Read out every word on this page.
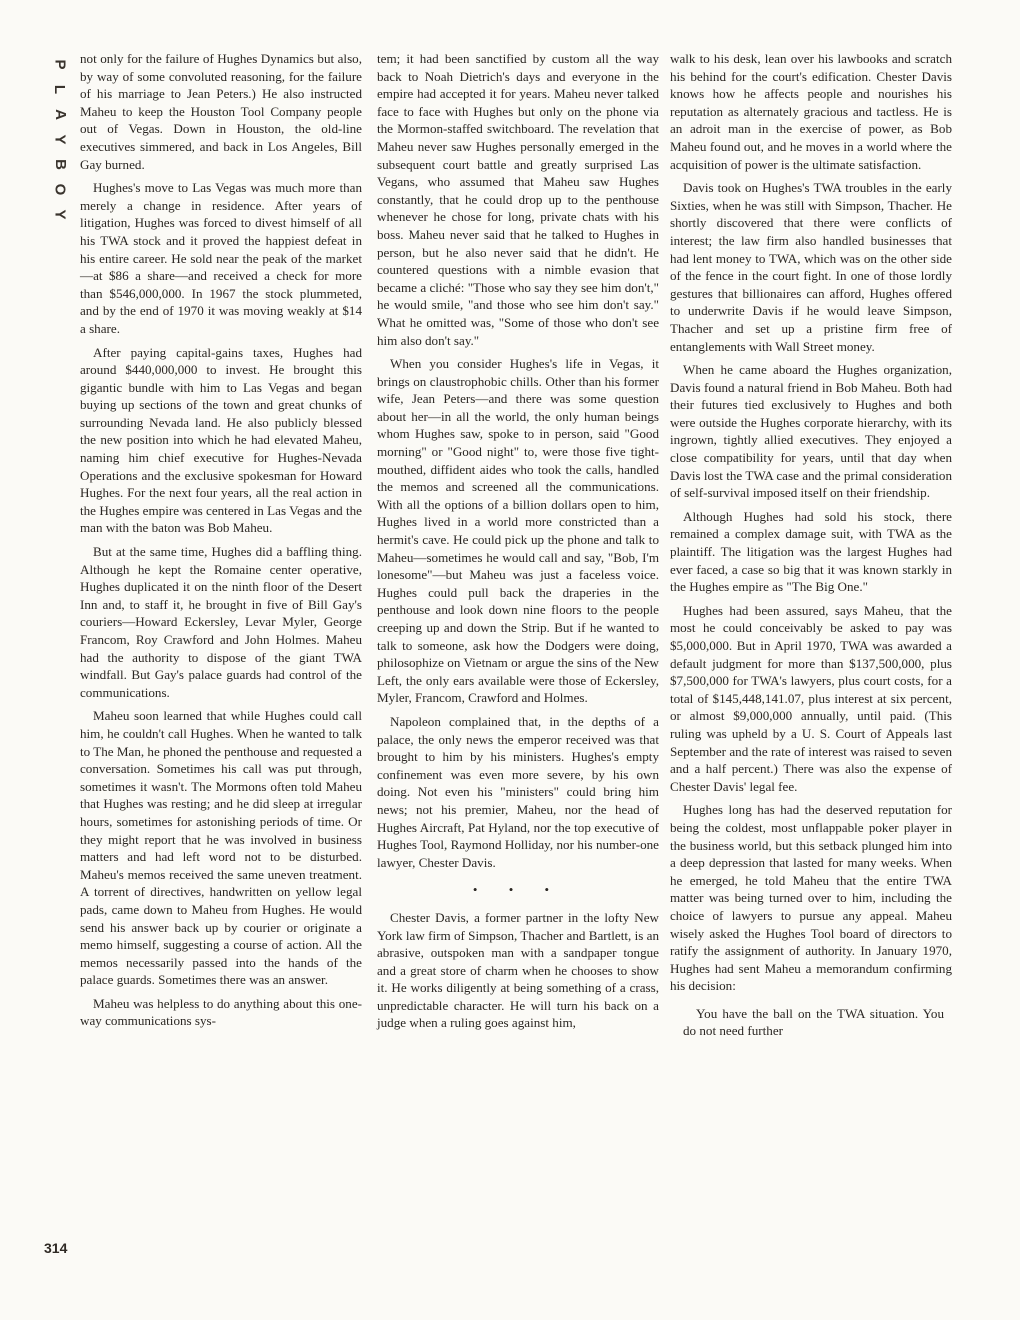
P
L
A
Y
B
O
Y
314

not only for the failure of Hughes Dynamics but also, by way of some convoluted reasoning, for the failure of his marriage to Jean Peters.) He also instructed Maheu to keep the Houston Tool Company people out of Vegas. Down in Houston, the old-line executives simmered, and back in Los Angeles, Bill Gay burned.

Hughes's move to Las Vegas was much more than merely a change in residence. After years of litigation, Hughes was forced to divest himself of all his TWA stock and it proved the happiest defeat in his entire career. He sold near the peak of the market—at $86 a share—and received a check for more than $546,000,000. In 1967 the stock plummeted, and by the end of 1970 it was moving weakly at $14 a share.

After paying capital-gains taxes, Hughes had around $440,000,000 to invest. He brought this gigantic bundle with him to Las Vegas and began buying up sections of the town and great chunks of surrounding Nevada land. He also publicly blessed the new position into which he had elevated Maheu, naming him chief executive for Hughes-Nevada Operations and the exclusive spokesman for Howard Hughes. For the next four years, all the real action in the Hughes empire was centered in Las Vegas and the man with the baton was Bob Maheu.

But at the same time, Hughes did a baffling thing. Although he kept the Romaine center operative, Hughes duplicated it on the ninth floor of the Desert Inn and, to staff it, he brought in five of Bill Gay's couriers—Howard Eckersley, Levar Myler, George Francom, Roy Crawford and John Holmes. Maheu had the authority to dispose of the giant TWA windfall. But Gay's palace guards had control of the communications.

Maheu soon learned that while Hughes could call him, he couldn't call Hughes. When he wanted to talk to The Man, he phoned the penthouse and requested a conversation. Sometimes his call was put through, sometimes it wasn't. The Mormons often told Maheu that Hughes was resting; and he did sleep at irregular hours, sometimes for astonishing periods of time. Or they might report that he was involved in business matters and had left word not to be disturbed. Maheu's memos received the same uneven treatment. A torrent of directives, handwritten on yellow legal pads, came down to Maheu from Hughes. He would send his answer back up by courier or originate a memo himself, suggesting a course of action. All the memos necessarily passed into the hands of the palace guards. Sometimes there was an answer.

Maheu was helpless to do anything about this one-way communications sys-

tem; it had been sanctified by custom all the way back to Noah Dietrich's days and everyone in the empire had accepted it for years. Maheu never talked face to face with Hughes but only on the phone via the Mormon-staffed switchboard. The revelation that Maheu never saw Hughes personally emerged in the subsequent court battle and greatly surprised Las Vegans, who assumed that Maheu saw Hughes constantly, that he could drop up to the penthouse whenever he chose for long, private chats with his boss. Maheu never said that he talked to Hughes in person, but he also never said that he didn't. He countered questions with a nimble evasion that became a cliché: "Those who say they see him don't," he would smile, "and those who see him don't say." What he omitted was, "Some of those who don't see him also don't say."

When you consider Hughes's life in Vegas, it brings on claustrophobic chills. Other than his former wife, Jean Peters—and there was some question about her—in all the world, the only human beings whom Hughes saw, spoke to in person, said "Good morning" or "Good night" to, were those five tight-mouthed, diffident aides who took the calls, handled the memos and screened all the communications. With all the options of a billion dollars open to him, Hughes lived in a world more constricted than a hermit's cave. He could pick up the phone and talk to Maheu—sometimes he would call and say, "Bob, I'm lonesome"—but Maheu was just a faceless voice. Hughes could pull back the draperies in the penthouse and look down nine floors to the people creeping up and down the Strip. But if he wanted to talk to someone, ask how the Dodgers were doing, philosophize on Vietnam or argue the sins of the New Left, the only ears available were those of Eckersley, Myler, Francom, Crawford and Holmes.

Napoleon complained that, in the depths of a palace, the only news the emperor received was that brought to him by his ministers. Hughes's empty confinement was even more severe, by his own doing. Not even his "ministers" could bring him news; not his premier, Maheu, nor the head of Hughes Aircraft, Pat Hyland, nor the top executive of Hughes Tool, Raymond Holliday, nor his number-one lawyer, Chester Davis.

• • •

Chester Davis, a former partner in the lofty New York law firm of Simpson, Thacher and Bartlett, is an abrasive, outspoken man with a sandpaper tongue and a great store of charm when he chooses to show it. He works diligently at being something of a crass, unpredictable character. He will turn his back on a judge when a ruling goes against him,

walk to his desk, lean over his lawbooks and scratch his behind for the court's edification. Chester Davis knows how he affects people and nourishes his reputation as alternately gracious and tactless. He is an adroit man in the exercise of power, as Bob Maheu found out, and he moves in a world where the acquisition of power is the ultimate satisfaction.

Davis took on Hughes's TWA troubles in the early Sixties, when he was still with Simpson, Thacher. He shortly discovered that there were conflicts of interest; the law firm also handled businesses that had lent money to TWA, which was on the other side of the fence in the court fight. In one of those lordly gestures that billionaires can afford, Hughes offered to underwrite Davis if he would leave Simpson, Thacher and set up a pristine firm free of entanglements with Wall Street money.

When he came aboard the Hughes organization, Davis found a natural friend in Bob Maheu. Both had their futures tied exclusively to Hughes and both were outside the Hughes corporate hierarchy, with its ingrown, tightly allied executives. They enjoyed a close compatibility for years, until that day when Davis lost the TWA case and the primal consideration of self-survival imposed itself on their friendship.

Although Hughes had sold his stock, there remained a complex damage suit, with TWA as the plaintiff. The litigation was the largest Hughes had ever faced, a case so big that it was known starkly in the Hughes empire as "The Big One."

Hughes had been assured, says Maheu, that the most he could conceivably be asked to pay was $5,000,000. But in April 1970, TWA was awarded a default judgment for more than $137,500,000, plus $7,500,000 for TWA's lawyers, plus court costs, for a total of $145,448,141.07, plus interest at six percent, or almost $9,000,000 annually, until paid. (This ruling was upheld by a U. S. Court of Appeals last September and the rate of interest was raised to seven and a half percent.) There was also the expense of Chester Davis' legal fee.

Hughes long has had the deserved reputation for being the coldest, most unflappable poker player in the business world, but this setback plunged him into a deep depression that lasted for many weeks. When he emerged, he told Maheu that the entire TWA matter was being turned over to him, including the choice of lawyers to pursue any appeal. Maheu wisely asked the Hughes Tool board of directors to ratify the assignment of authority. In January 1970, Hughes had sent Maheu a memorandum confirming his decision:

You have the ball on the TWA situation. You do not need further
